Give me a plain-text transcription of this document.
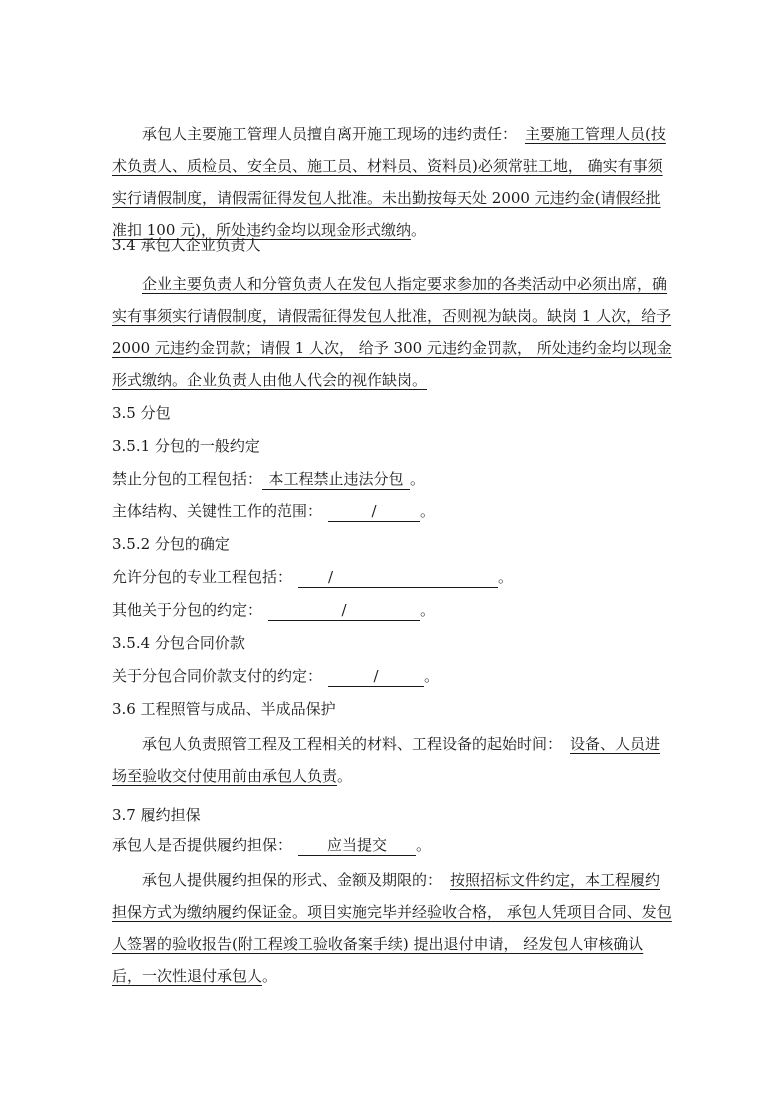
承包人主要施工管理人员擅自离开施工现场的违约责任： 主要施工管理人员(技术负责人、质检员、安全员、施工员、材料员、资料员)必须常驻工地， 确实有事须实行请假制度，请假需征得发包人批准。未出勤按每天处 2000 元违约金(请假经批准扣 100 元)，所处违约金均以现金形式缴纳。
3.4 承包人企业负责人
企业主要负责人和分管负责人在发包人指定要求参加的各类活动中必须出席，确实有事须实行请假制度，请假需征得发包人批准，否则视为缺岗。缺岗 1 人次，给予 2000 元违约金罚款；请假 1 人次， 给予 300 元违约金罚款， 所处违约金均以现金形式缴纳。企业负责人由他人代会的视作缺岗。
3.5 分包
3.5.1 分包的一般约定
禁止分包的工程包括： 本工程禁止违法分包 。
主体结构、关键性工作的范围：	/	。
3.5.2 分包的确定
允许分包的专业工程包括： /	。
其他关于分包的约定：	/	。
3.5.4 分包合同价款
关于分包合同价款支付的约定：	/	。
3.6 工程照管与成品、半成品保护
承包人负责照管工程及工程相关的材料、工程设备的起始时间： 设备、人员进场至验收交付使用前由承包人负责。
3.7 履约担保
承包人是否提供履约担保： 应当提交 。
承包人提供履约担保的形式、金额及期限的： 按照招标文件约定，本工程履约担保方式为缴纳履约保证金。项目实施完毕并经验收合格， 承包人凭项目合同、发包人签署的验收报告(附工程竣工验收备案手续) 提出退付申请， 经发包人审核确认后，一次性退付承包人。
